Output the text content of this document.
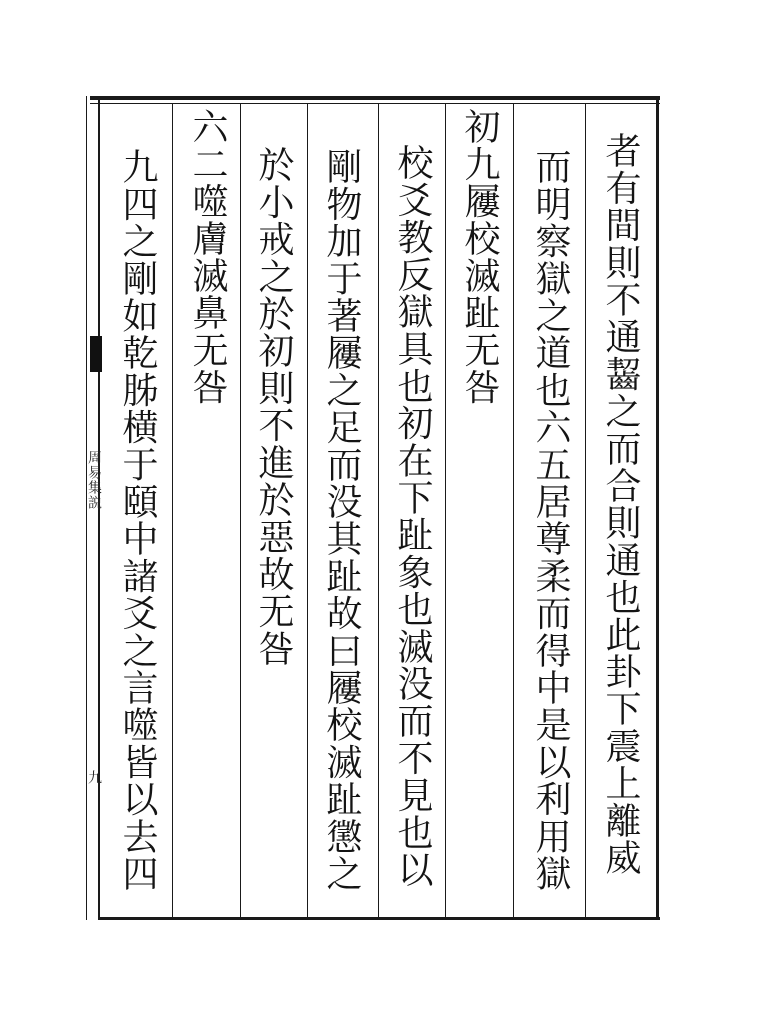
周易集説
九	者有間則不通齧之而合則通也此卦下震上離威
而明察獄之道也六五居尊柔而得中是以利用獄
初九屨校滅趾无咎
校爻教反獄具也初在下趾象也滅没而不見也以
剛物加于著屨之足而没其趾故曰屨校滅趾懲之
於小戒之於初則不進於惡故无咎
六二噬膚滅鼻无咎
九四之剛如乾胏横于頤中諸爻之言噬皆以去四
